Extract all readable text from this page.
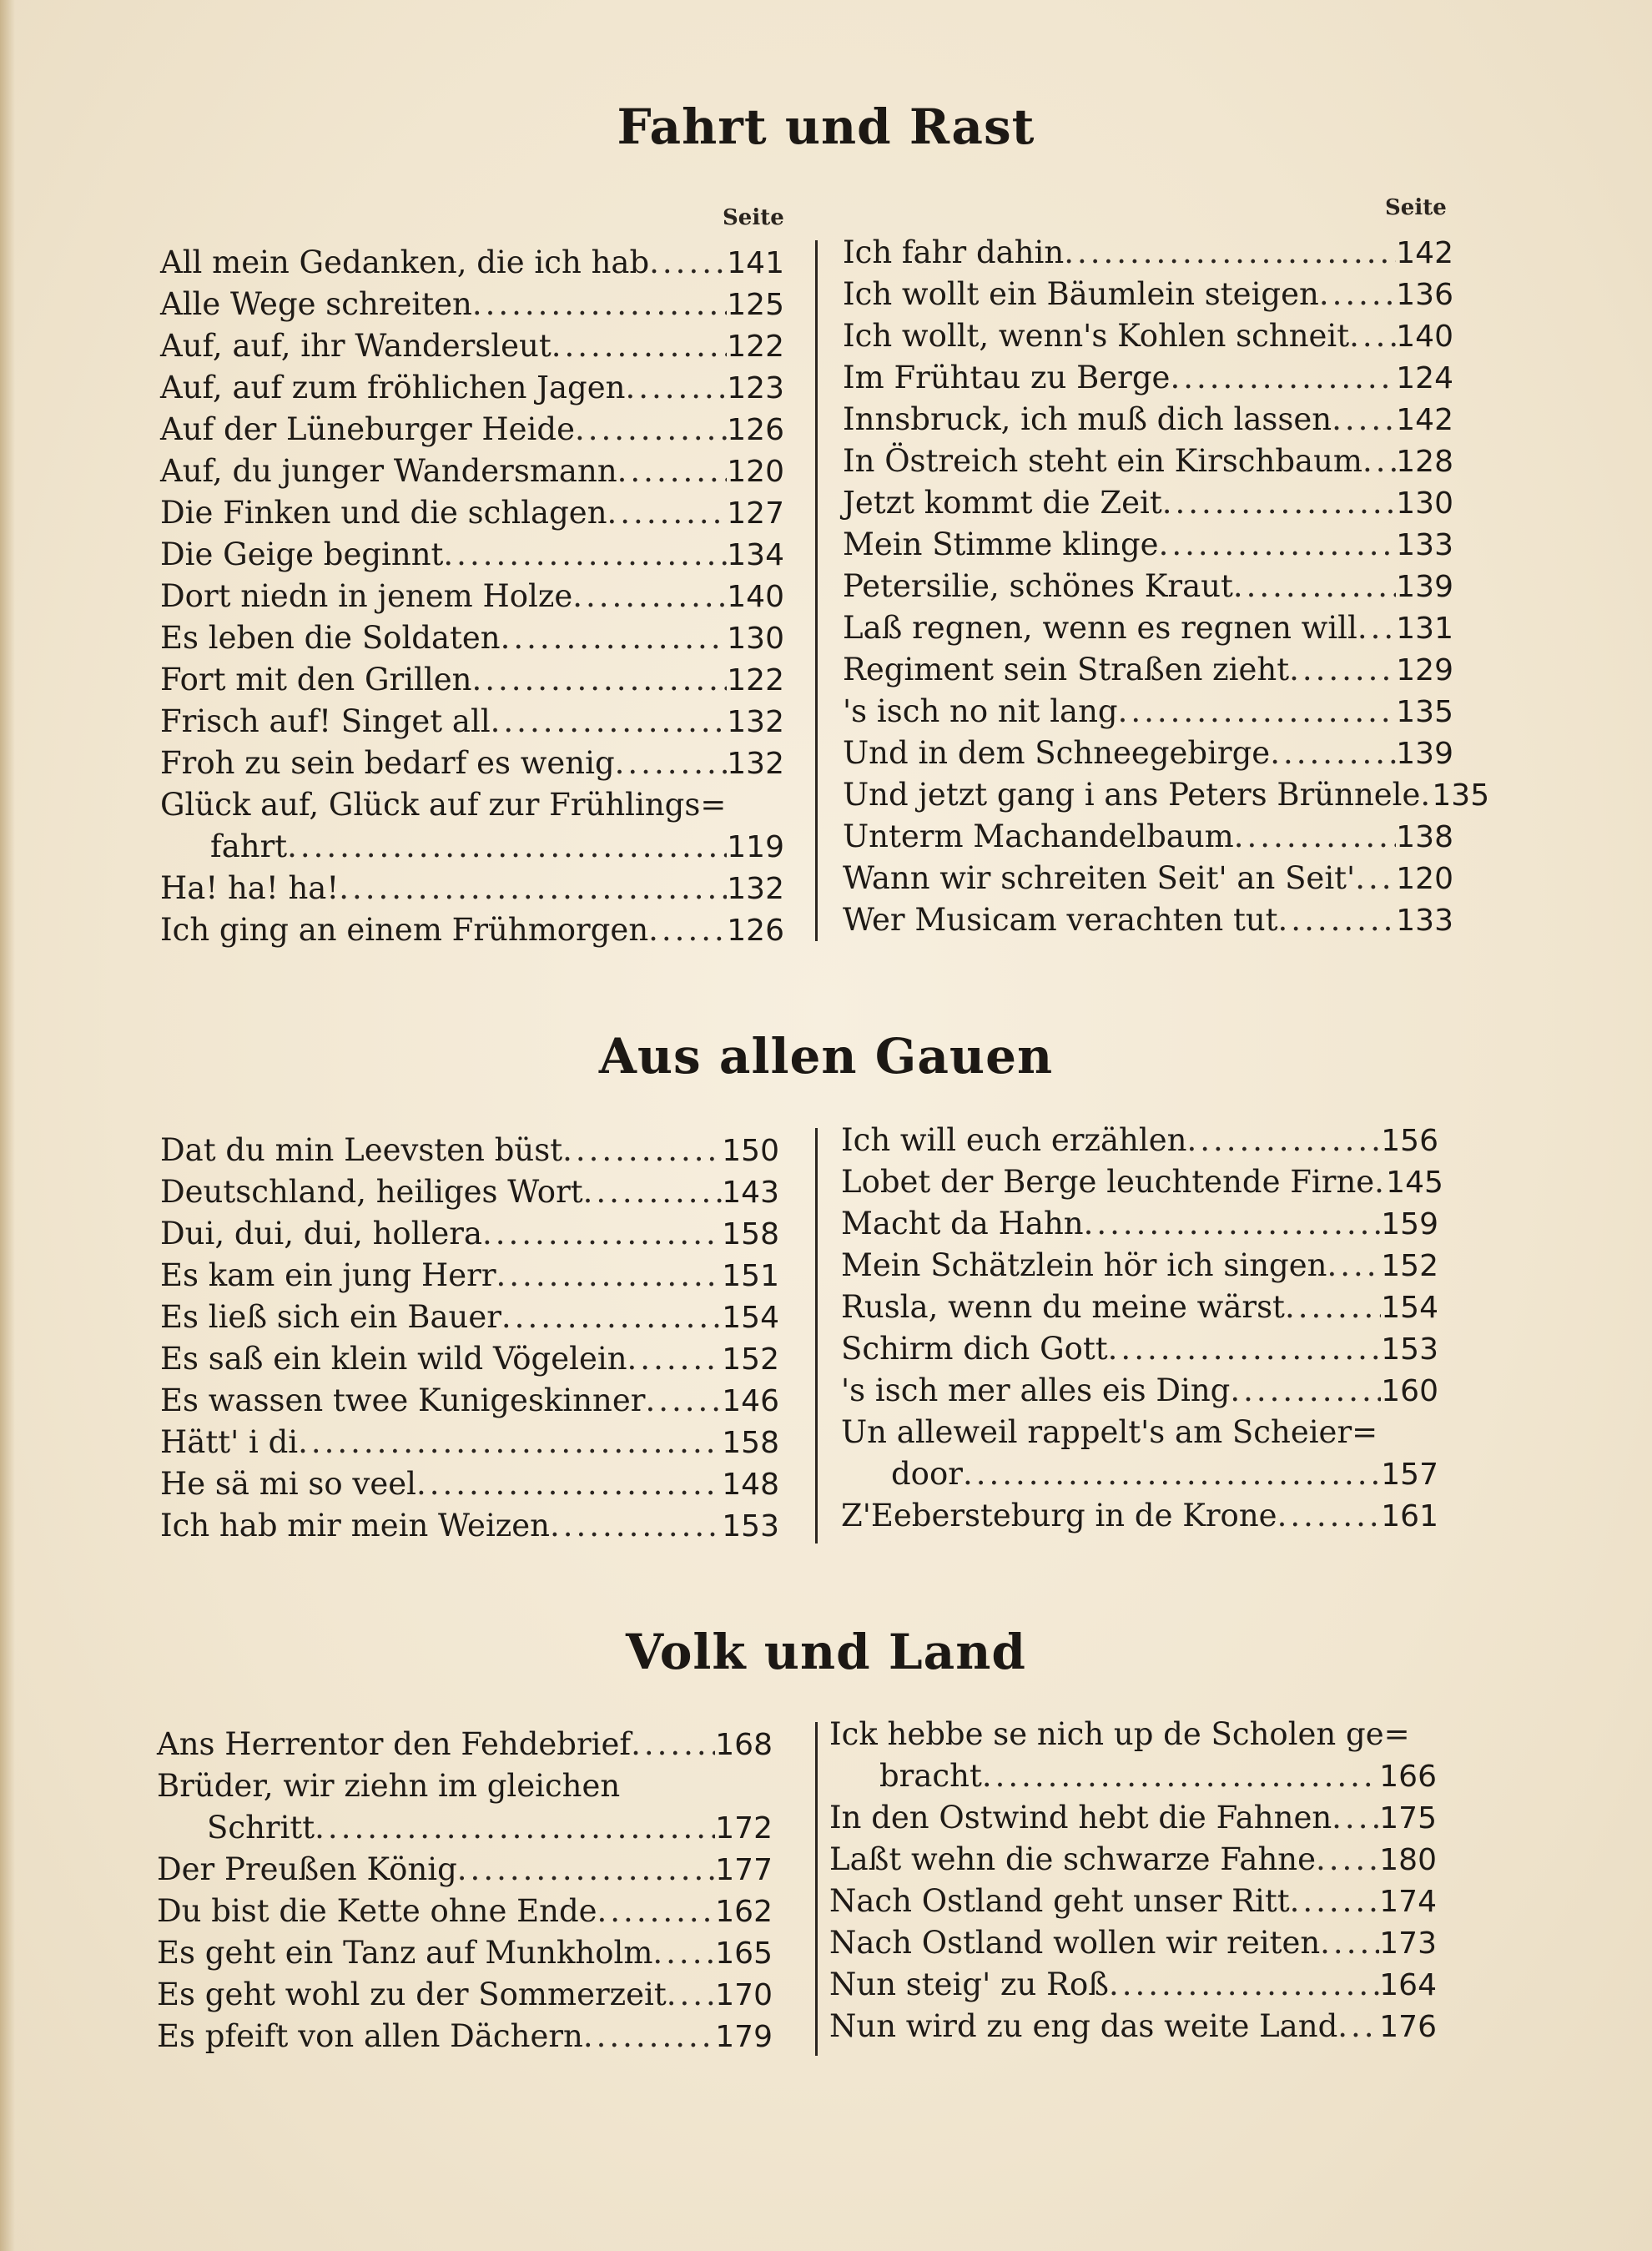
Fahrt und Rast
Seite	Seite
All mein Gedanken, die ich hab .....	141
Alle Wege schreiten .....	125
Auf, auf, ihr Wandersleut .....	122
Auf, auf zum fröhlichen Jagen .....	123
Auf der Lüneburger Heide .....	126
Auf, du junger Wandersmann .....	120
Die Finken und die schlagen .....	127
Die Geige beginnt .....	134
Dort niedn in jenem Holze .....	140
Es leben die Soldaten .....	130
Fort mit den Grillen .....	122
Frisch auf! Singet all .....	132
Froh zu sein bedarf es wenig .....	132
Glück auf, Glück auf zur Frühlings=
fahrt .....	119
Ha! ha! ha! .....	132
Ich ging an einem Frühmorgen .....	126
Ich fahr dahin .....	142
Ich wollt ein Bäumlein steigen .....	136
Ich wollt, wenn's Kohlen schneit ..... 140
Im Frühtau zu Berge .....	124
Innsbruck, ich muß dich lassen ..... 142
In Östreich steht ein Kirschbaum ..... 128
Jetzt kommt die Zeit .....	130
Mein Stimme klinge .....	133
Petersilie, schönes Kraut .....	139
Laß regnen, wenn es regnen will ..... 131
Regiment sein Straßen zieht .....	129
's isch no nit lang .....	135
Und in dem Schneegebirge .....	139
Und jetzt gang i ans Peters Brünnele ..... 135
Unterm Machandelbaum .....	138
Wann wir schreiten Seit' an Seit' ..... 120
Wer Musicam verachten tut .....	133
Aus allen Gauen
Dat du min Leevsten büst .....	150
Deutschland, heiliges Wort .....	143
Dui, dui, dui, hollera .....	158
Es kam ein jung Herr .....	151
Es ließ sich ein Bauer .....	154
Es saß ein klein wild Vögelein .....	152
Es wassen twee Kunigeskinner .....	146
Hätt' i di .....	158
He sä mi so veel .....	148
Ich hab mir mein Weizen .....	153
Ich will euch erzählen .....	156
Lobet der Berge leuchtende Firne ..... 145
Macht da Hahn .....	159
Mein Schätzlein hör ich singen ..... 152
Rusla, wenn du meine wärst .....	154
Schirm dich Gott .....	153
's isch mer alles eis Ding .....	160
Un alleweil rappelt's am Scheier=
door .....	157
Z'Eebersteburg in de Krone .....	161
Volk und Land
Ans Herrentor den Fehdebrief .....	168
Brüder, wir ziehn im gleichen
Schritt .....	172
Der Preußen König .....	177
Du bist die Kette ohne Ende .....	162
Es geht ein Tanz auf Munkholm ..... 165
Es geht wohl zu der Sommerzeit ..... 170
Es pfeift von allen Dächern .....	179
Ick hebbe se nich up de Scholen ge=
bracht .....	166
In den Ostwind hebt die Fahnen ..... 175
Laßt wehn die schwarze Fahne ..... 180
Nach Ostland geht unser Ritt .....	174
Nach Ostland wollen wir reiten ..... 173
Nun steig' zu Roß .....	164
Nun wird zu eng das weite Land ..... 176
